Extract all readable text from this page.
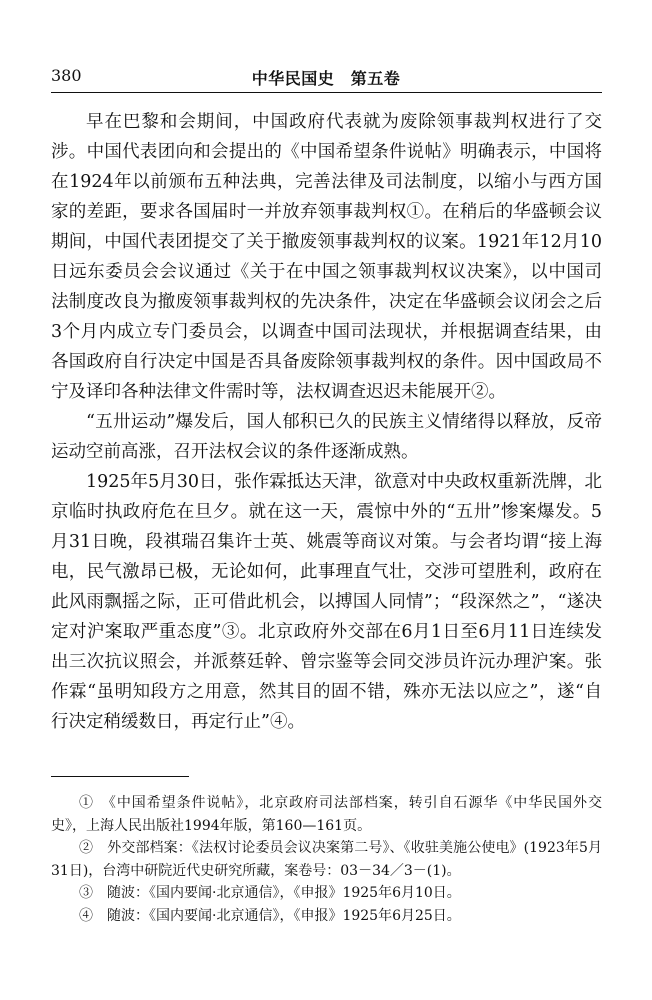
380	中华民国史　第五卷

早在巴黎和会期间，中国政府代表就为废除领事裁判权进行了交涉。中国代表团向和会提出的《中国希望条件说帖》明确表示，中国将在1924年以前颁布五种法典，完善法律及司法制度，以缩小与西方国家的差距，要求各国届时一并放弃领事裁判权①。在稍后的华盛顿会议期间，中国代表团提交了关于撤废领事裁判权的议案。1921年12月10日远东委员会会议通过《关于在中国之领事裁判权议决案》，以中国司法制度改良为撤废领事裁判权的先决条件，决定在华盛顿会议闭会之后3个月内成立专门委员会，以调查中国司法现状，并根据调查结果，由各国政府自行决定中国是否具备废除领事裁判权的条件。因中国政局不宁及译印各种法律文件需时等，法权调查迟迟未能展开②。

“五卅运动”爆发后，国人郁积已久的民族主义情绪得以释放，反帝运动空前高涨，召开法权会议的条件逐渐成熟。

1925年5月30日，张作霖抵达天津，欲意对中央政权重新洗牌，北京临时执政府危在旦夕。就在这一天，震惊中外的“五卅”惨案爆发。5月31日晚，段祺瑞召集许士英、姚震等商议对策。与会者均谓“接上海电，民气激昂已极，无论如何，此事理直气壮，交涉可望胜利，政府在此风雨飘摇之际，正可借此机会，以搏国人同情”；“段深然之”，“遂决定对沪案取严重态度”③。北京政府外交部在6月1日至6月11日连续发出三次抗议照会，并派蔡廷幹、曾宗鉴等会同交涉员许沅办理沪案。张作霖“虽明知段方之用意，然其目的固不错，殊亦无法以应之”，遂“自行决定稍缓数日，再定行止”④。

①　《中国希望条件说帖》，北京政府司法部档案，转引自石源华《中华民国外交史》，上海人民出版社1994年版，第160—161页。

②　外交部档案：《法权讨论委员会议决案第二号》、《收驻美施公使电》(1923年5月31日)，台湾中研院近代史研究所藏，案卷号：03－34／3－(1)。

③　随波：《国内要闻·北京通信》，《申报》1925年6月10日。

④　随波：《国内要闻·北京通信》，《申报》1925年6月25日。
